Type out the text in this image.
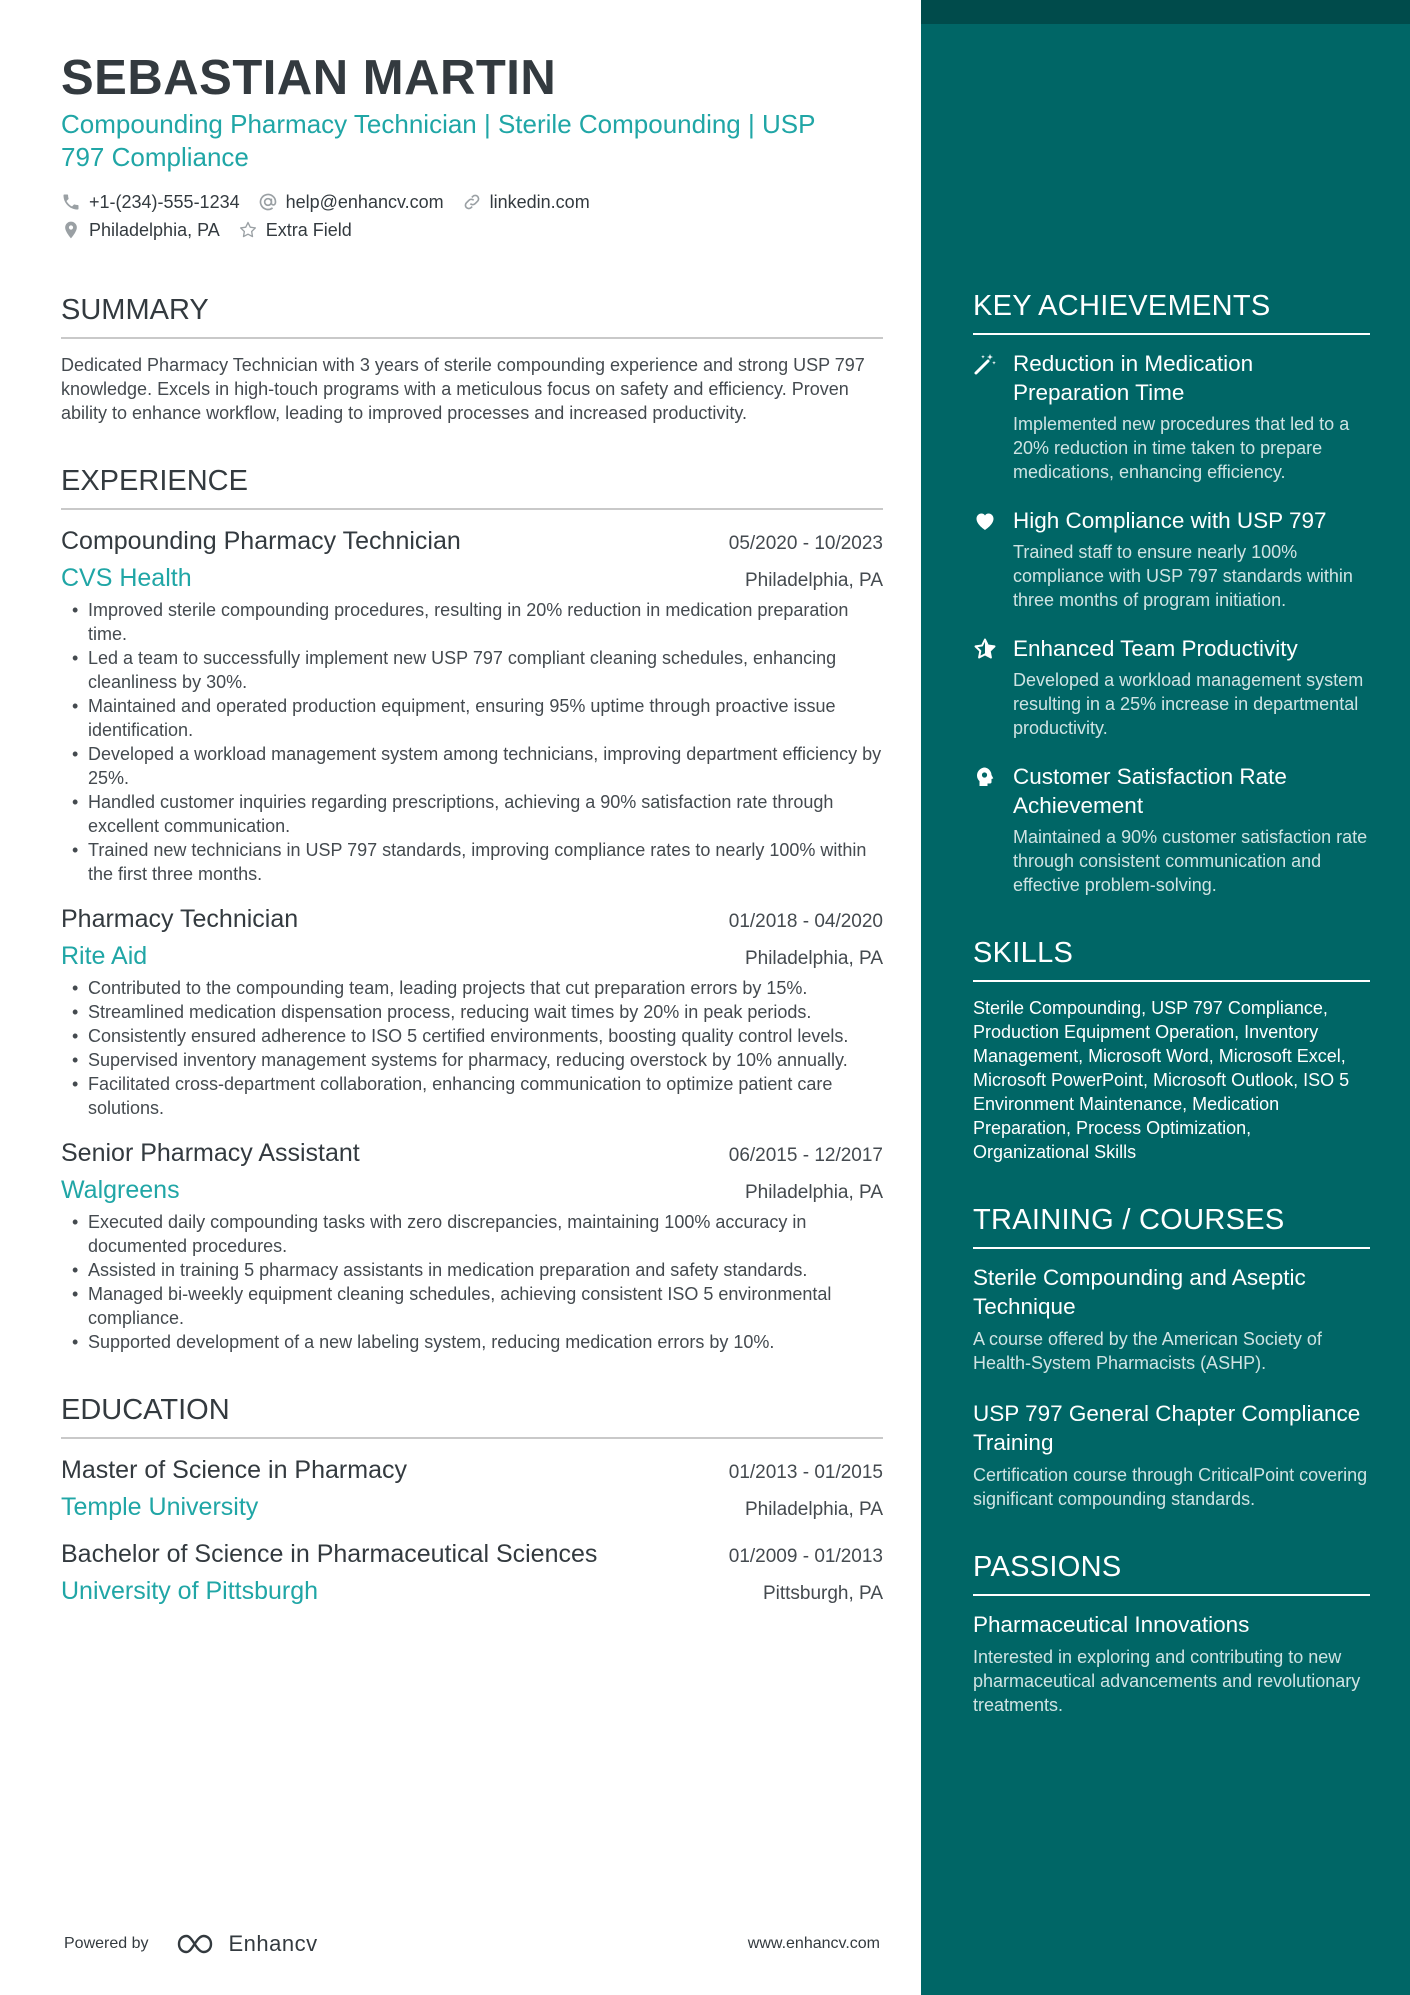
SEBASTIAN MARTIN
Compounding Pharmacy Technician | Sterile Compounding | USP 797 Compliance
+1-(234)-555-1234	help@enhancv.com	linkedin.com
Philadelphia, PA	Extra Field
SUMMARY
Dedicated Pharmacy Technician with 3 years of sterile compounding experience and strong USP 797 knowledge. Excels in high-touch programs with a meticulous focus on safety and efficiency. Proven ability to enhance workflow, leading to improved processes and increased productivity.
EXPERIENCE
Compounding Pharmacy Technician	05/2020 - 10/2023
CVS Health	Philadelphia, PA
• Improved sterile compounding procedures, resulting in 20% reduction in medication preparation time.
• Led a team to successfully implement new USP 797 compliant cleaning schedules, enhancing cleanliness by 30%.
• Maintained and operated production equipment, ensuring 95% uptime through proactive issue identification.
• Developed a workload management system among technicians, improving department efficiency by 25%.
• Handled customer inquiries regarding prescriptions, achieving a 90% satisfaction rate through excellent communication.
• Trained new technicians in USP 797 standards, improving compliance rates to nearly 100% within the first three months.
Pharmacy Technician	01/2018 - 04/2020
Rite Aid	Philadelphia, PA
• Contributed to the compounding team, leading projects that cut preparation errors by 15%.
• Streamlined medication dispensation process, reducing wait times by 20% in peak periods.
• Consistently ensured adherence to ISO 5 certified environments, boosting quality control levels.
• Supervised inventory management systems for pharmacy, reducing overstock by 10% annually.
• Facilitated cross-department collaboration, enhancing communication to optimize patient care solutions.
Senior Pharmacy Assistant	06/2015 - 12/2017
Walgreens	Philadelphia, PA
• Executed daily compounding tasks with zero discrepancies, maintaining 100% accuracy in documented procedures.
• Assisted in training 5 pharmacy assistants in medication preparation and safety standards.
• Managed bi-weekly equipment cleaning schedules, achieving consistent ISO 5 environmental compliance.
• Supported development of a new labeling system, reducing medication errors by 10%.
EDUCATION
Master of Science in Pharmacy	01/2013 - 01/2015
Temple University	Philadelphia, PA
Bachelor of Science in Pharmaceutical Sciences	01/2009 - 01/2013
University of Pittsburgh	Pittsburgh, PA
Powered by	Enhancv	www.enhancv.com
KEY ACHIEVEMENTS
Reduction in Medication Preparation Time
Implemented new procedures that led to a 20% reduction in time taken to prepare medications, enhancing efficiency.
High Compliance with USP 797
Trained staff to ensure nearly 100% compliance with USP 797 standards within three months of program initiation.
Enhanced Team Productivity
Developed a workload management system resulting in a 25% increase in departmental productivity.
Customer Satisfaction Rate Achievement
Maintained a 90% customer satisfaction rate through consistent communication and effective problem-solving.
SKILLS
Sterile Compounding, USP 797 Compliance, Production Equipment Operation, Inventory Management, Microsoft Word, Microsoft Excel, Microsoft PowerPoint, Microsoft Outlook, ISO 5 Environment Maintenance, Medication Preparation, Process Optimization, Organizational Skills
TRAINING / COURSES
Sterile Compounding and Aseptic Technique
A course offered by the American Society of Health-System Pharmacists (ASHP).
USP 797 General Chapter Compliance Training
Certification course through CriticalPoint covering significant compounding standards.
PASSIONS
Pharmaceutical Innovations
Interested in exploring and contributing to new pharmaceutical advancements and revolutionary treatments.
